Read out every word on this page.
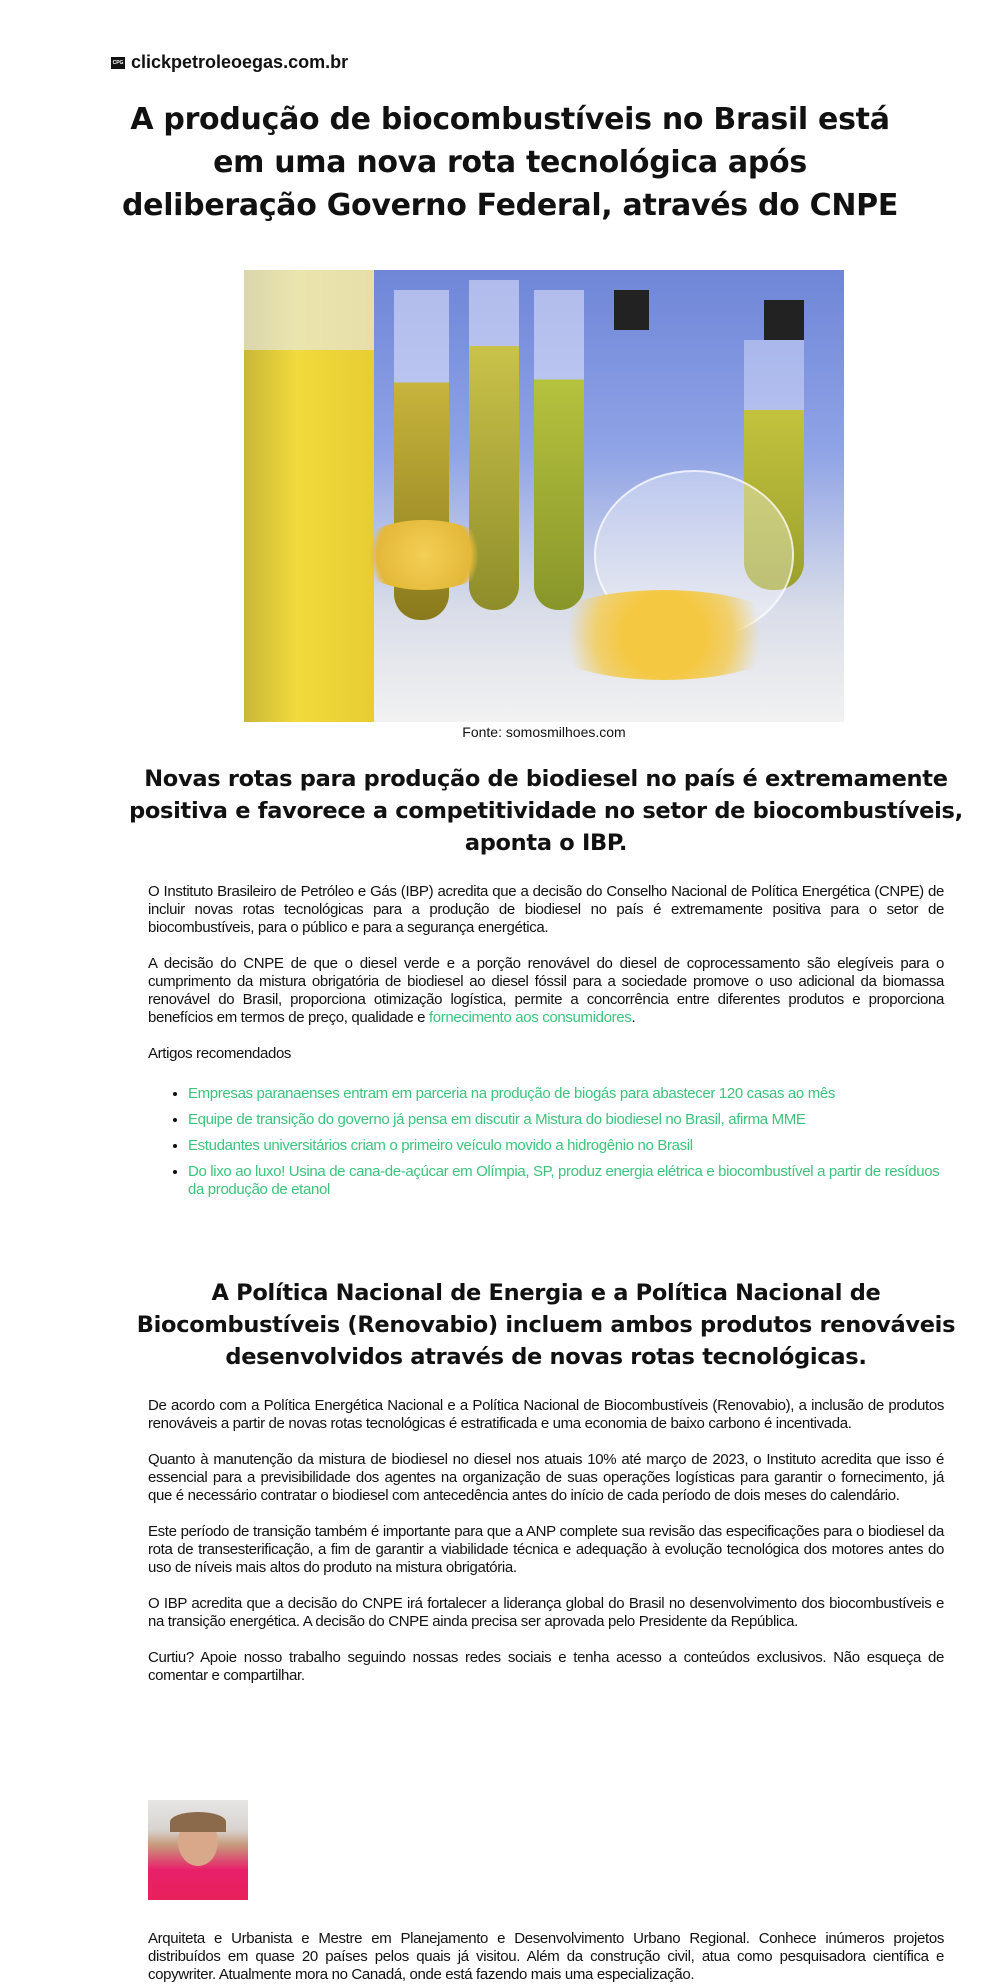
CPG clickpetroleoegas.com.br
A produção de biocombustíveis no Brasil está em uma nova rota tecnológica após deliberação Governo Federal, através do CNPE
Fonte: somosmilhoes.com
Novas rotas para produção de biodiesel no país é extremamente positiva e favorece a competitividade no setor de biocombustíveis, aponta o IBP.

O Instituto Brasileiro de Petróleo e Gás (IBP) acredita que a decisão do Conselho Nacional de Política Energética (CNPE) de incluir novas rotas tecnológicas para a produção de biodiesel no país é extremamente positiva para o setor de biocombustíveis, para o público e para a segurança energética.

A decisão do CNPE de que o diesel verde e a porção renovável do diesel de coprocessamento são elegíveis para o cumprimento da mistura obrigatória de biodiesel ao diesel fóssil para a sociedade promove o uso adicional da biomassa renovável do Brasil, proporciona otimização logística, permite a concorrência entre diferentes produtos e proporciona benefícios em termos de preço, qualidade e fornecimento aos consumidores.

Artigos recomendados

• Empresas paranaenses entram em parceria na produção de biogás para abastecer 120 casas ao mês
• Equipe de transição do governo já pensa em discutir a Mistura do biodiesel no Brasil, afirma MME
• Estudantes universitários criam o primeiro veículo movido a hidrogênio no Brasil
• Do lixo ao luxo! Usina de cana-de-açúcar em Olímpia, SP, produz energia elétrica e biocombustível a partir de resíduos da produção de etanol
A Política Nacional de Energia e a Política Nacional de Biocombustíveis (Renovabio) incluem ambos produtos renováveis desenvolvidos através de novas rotas tecnológicas.

De acordo com a Política Energética Nacional e a Política Nacional de Biocombustíveis (Renovabio), a inclusão de produtos renováveis a partir de novas rotas tecnológicas é estratificada e uma economia de baixo carbono é incentivada.

Quanto à manutenção da mistura de biodiesel no diesel nos atuais 10% até março de 2023, o Instituto acredita que isso é essencial para a previsibilidade dos agentes na organização de suas operações logísticas para garantir o fornecimento, já que é necessário contratar o biodiesel com antecedência antes do início de cada período de dois meses do calendário.

Este período de transição também é importante para que a ANP complete sua revisão das especificações para o biodiesel da rota de transesterificação, a fim de garantir a viabilidade técnica e adequação à evolução tecnológica dos motores antes do uso de níveis mais altos do produto na mistura obrigatória.

O IBP acredita que a decisão do CNPE irá fortalecer a liderança global do Brasil no desenvolvimento dos biocombustíveis e na transição energética. A decisão do CNPE ainda precisa ser aprovada pelo Presidente da República.

Curtiu? Apoie nosso trabalho seguindo nossas redes sociais e tenha acesso a conteúdos exclusivos. Não esqueça de comentar e compartilhar.

Arquiteta e Urbanista e Mestre em Planejamento e Desenvolvimento Urbano Regional. Conhece inúmeros projetos distribuídos em quase 20 países pelos quais já visitou. Além da construção civil, atua como pesquisadora científica e copywriter. Atualmente mora no Canadá, onde está fazendo mais uma especialização.
